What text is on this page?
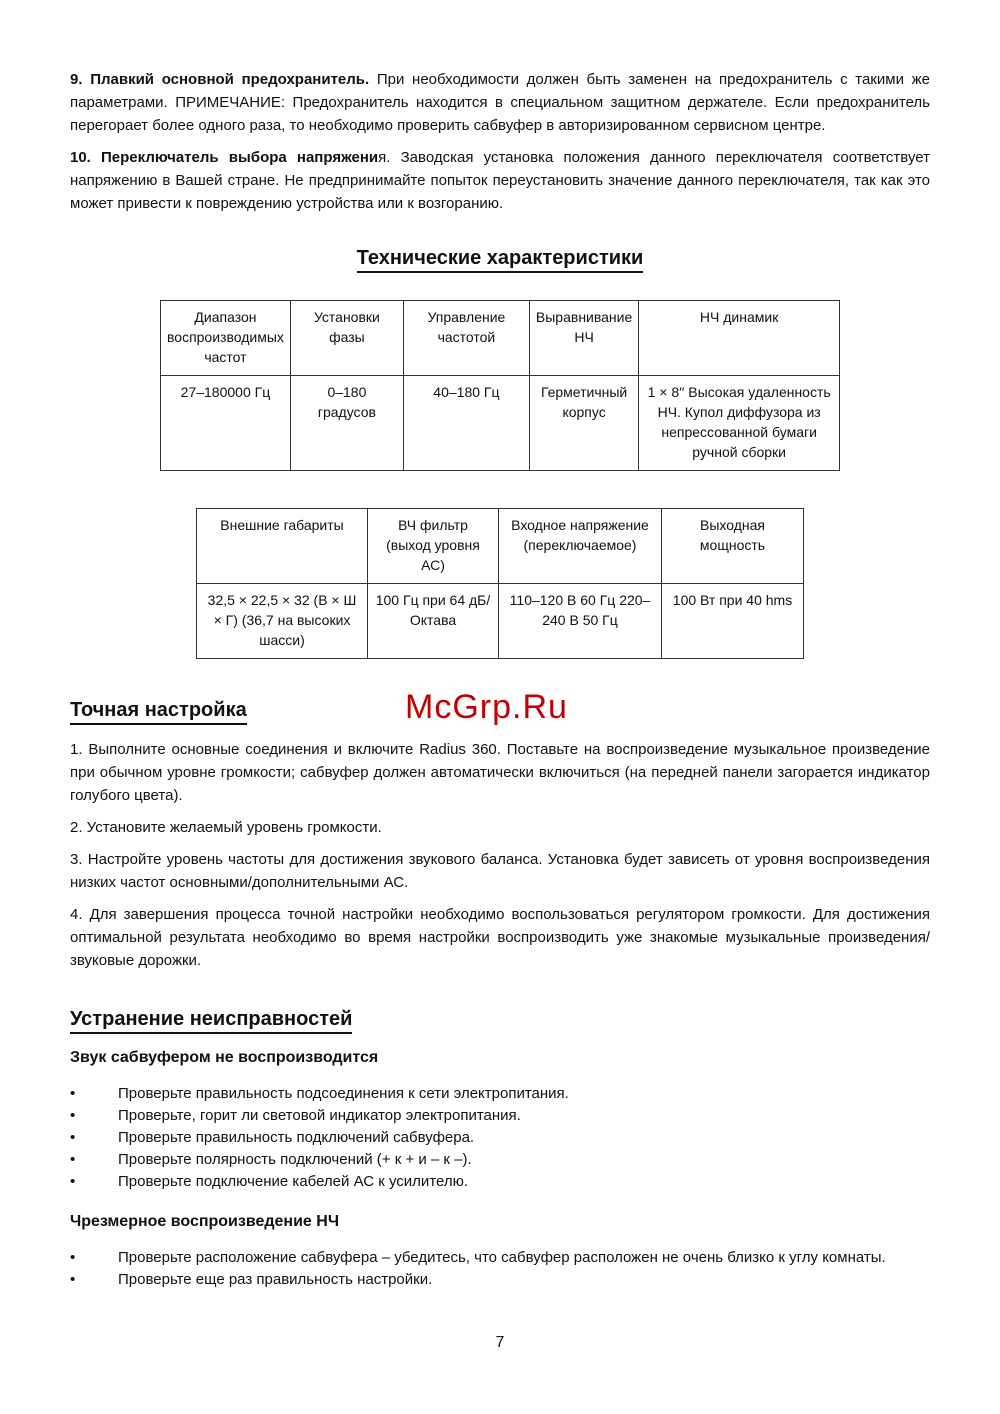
9. Плавкий основной предохранитель. При необходимости должен быть заменен на предохранитель с такими же параметрами. ПРИМЕЧАНИЕ: Предохранитель находится в специальном защитном держателе. Если предохранитель перегорает более одного раза, то необходимо проверить сабвуфер в авторизированном сервисном центре.

10. Переключатель выбора напряжения. Заводская установка положения данного переключателя соответствует напряжению в Вашей стране. Не предпринимайте попыток переустановить значение данного переключателя, так как это может привести к повреждению устройства или к возгоранию.

Технические характеристики
Диапазон воспроизводимых частот	Установки фазы	Управление частотой	Выравнивание НЧ	НЧ динамик
27–180000 Гц	0–180 градусов	40–180 Гц	Герметичный корпус	1 × 8′′ Высокая удаленность НЧ. Купол диффузора из непрессованной бумаги ручной сборки
Внешние габариты	ВЧ фильтр (выход уровня АС)	Входное напряжение (переключаемое)	Выходная мощность
32,5 × 22,5 × 32 (В × Ш × Г) (36,7 на высоких шасси)	100 Гц при 64 дБ/Октава	110–120 В 60 Гц 220–240 В 50 Гц	100 Вт при 40 hms
Точная настройка

1. Выполните основные соединения и включите Radius 360. Поставьте на воспроизведение музыкальное произведение при обычном уровне громкости; сабвуфер должен автоматически включиться (на передней панели загорается индикатор голубого цвета).

2. Установите желаемый уровень громкости.

3. Настройте уровень частоты для достижения звукового баланса. Установка будет зависеть от уровня воспроизведения низких частот основными/дополнительными АС.

4. Для завершения процесса точной настройки необходимо воспользоваться регулятором громкости. Для достижения оптимальной результата необходимо во время настройки воспроизводить уже знакомые музыкальные произведения/звуковые дорожки.

Устранение неисправностей
Звук сабвуфером не воспроизводится
• Проверьте правильность подсоединения к сети электропитания.
• Проверьте, горит ли световой индикатор электропитания.
• Проверьте правильность подключений сабвуфера.
• Проверьте полярность подключений (+ к + и – к –).
• Проверьте подключение кабелей АС к усилителю.
Чрезмерное воспроизведение НЧ
• Проверьте расположение сабвуфера – убедитесь, что сабвуфер расположен не очень близко к углу комнаты.
• Проверьте еще раз правильность настройки.
McGrp.Ru
7
